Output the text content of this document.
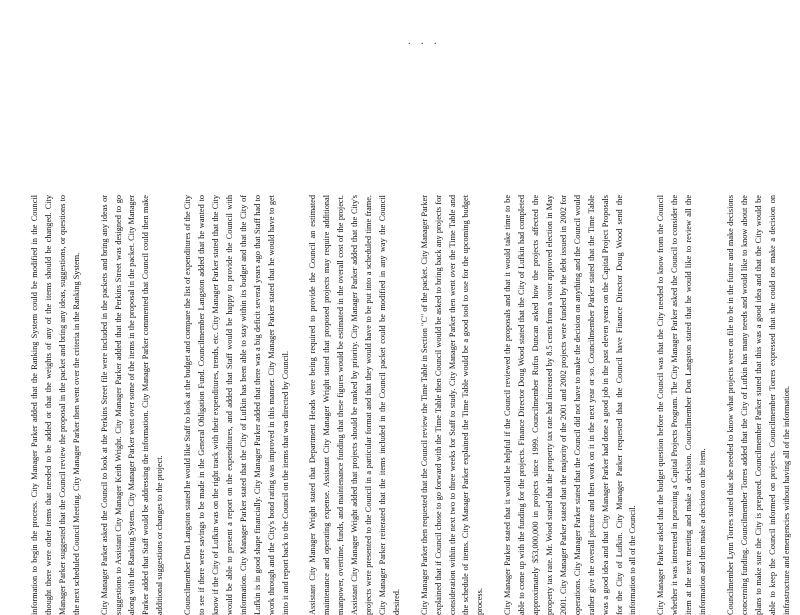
. . .

information to begin the process. City Manager Parker added that the Ranking System could be modified in the Council thought there were other items that needed to be added or that the weights of any of the items should be changed. City Manager Parker suggested that the Council review the proposal in the packet and bring any ideas, suggestions, or questions to the next scheduled Council Meeting. City Manager Parker then went over the criteria in the Ranking System.	City Manager Parker asked the Council to look at the Perkins Street file were included in the packets and bring any ideas or suggestions to Assistant City Manager Keith Wright. City Manager Parker added that the Perkins Street was designed to go along with the Ranking System. City Manager Parker went over some of the items in the proposal in the packet. City Manager Parker added that Staff would be addressing the information. City Manager Parker commented that Council could then make additional suggestions or changes to the project.	Councilmember Don Langston stated he would like Staff to look at the budget and compare the list of expenditures of the City to see if there were savings to be made in the General Obligation Fund. Councilmember Langston added that he wanted to know if the City of Lufkin was on the right track with their expenditures, trends, etc. City Manager Parker stated that the City would be able to present a report on the expenditures, and added that Staff would be happy to provide the Council with information. City Manager Parker stated that the City of Lufkin has been able to stay within its budget and that the City of Lufkin is in good shape financially. City Manager Parker added that there was a big deficit several years ago that Staff had to work through and the City's bond rating was improved in this manner. City Manager Parker stated that he would have to get into it and report back to the Council on the items that was directed by Council.	Assistant City Manager Wright stated that Department Heads were being required to provide the Council an estimated maintenance and operating expense. Assistant City Manager Wright stated that proposed projects may require additional manpower, overtime, funds, and maintenance funding that these figures would be estimated in the overall cost of the project. Assistant City Manager Wright added that projects should be ranked by priority. City Manager Parker added that the City's projects were presented to the Council in a particular format and that they would have to be put into a scheduled time frame. City Manager Parker reiterated that the items included in the Council packet could be modified in any way the Council desired.	City Manager Parker then requested that the Council review the Time Table in Section "C" of the packet. City Manager Parker explained that if Council chose to go forward with the Time Table then Council would be asked to bring back any projects for consideration within the next two to three weeks for Staff to study. City Manager Parker then went over the Time Table and the schedule of items. City Manager Parker explained the Time Table would be a good tool to use for the upcoming budget process.	City Manager Parker stated that it would be helpful if the Council reviewed the proposals and that it would take time to be able to come up with the funding for the projects. Finance Director Doug Wood stated that the City of Lufkin had completed approximately $53,000,000 in projects since 1999. Councilmember Rufus Duncan asked how the projects affected the property tax rate. Mr. Wood stated that the property tax rate had increased by 8.5 cents from a voter approved election in May 2001. City Manager Parker stated that the majority of the 2001 and 2002 projects were funded by the debt issued in 2002 for operations. City Manager Parker stated that the Council did not have to make the decision on anything and the Council would rather give the overall picture and then work on it in the next year or so. Councilmember Parker stated that the Time Table was a good idea and that City Manager Parker had done a good job in the past eleven years on the Capital Project Proposals for the City of Lufkin. City Manager Parker requested that the Council have Finance Director Doug Wood send the information to all of the Council.	City Manager Parker asked that the budget question before the Council was that the City needed to know from the Council whether it was interested in pursuing a Capital Projects Program. The City Manager Parker asked the Council to consider the item at the next meeting and make a decision. Councilmember Don Langston stated that he would like to review all the information and then make a decision on the item.	Councilmember Lynn Torres stated that she needed to know what projects were on file to be in the future and make decisions concerning funding. Councilmember Torres added that the City of Lufkin has many needs and would like to know about the plans to make sure the City is prepared. Councilmember Parker stated that this was a good idea and that the City would be able to keep the Council informed on projects. Councilmember Torres expressed that she could not make a decision on infrastructure and emergencies without having all of the information.
